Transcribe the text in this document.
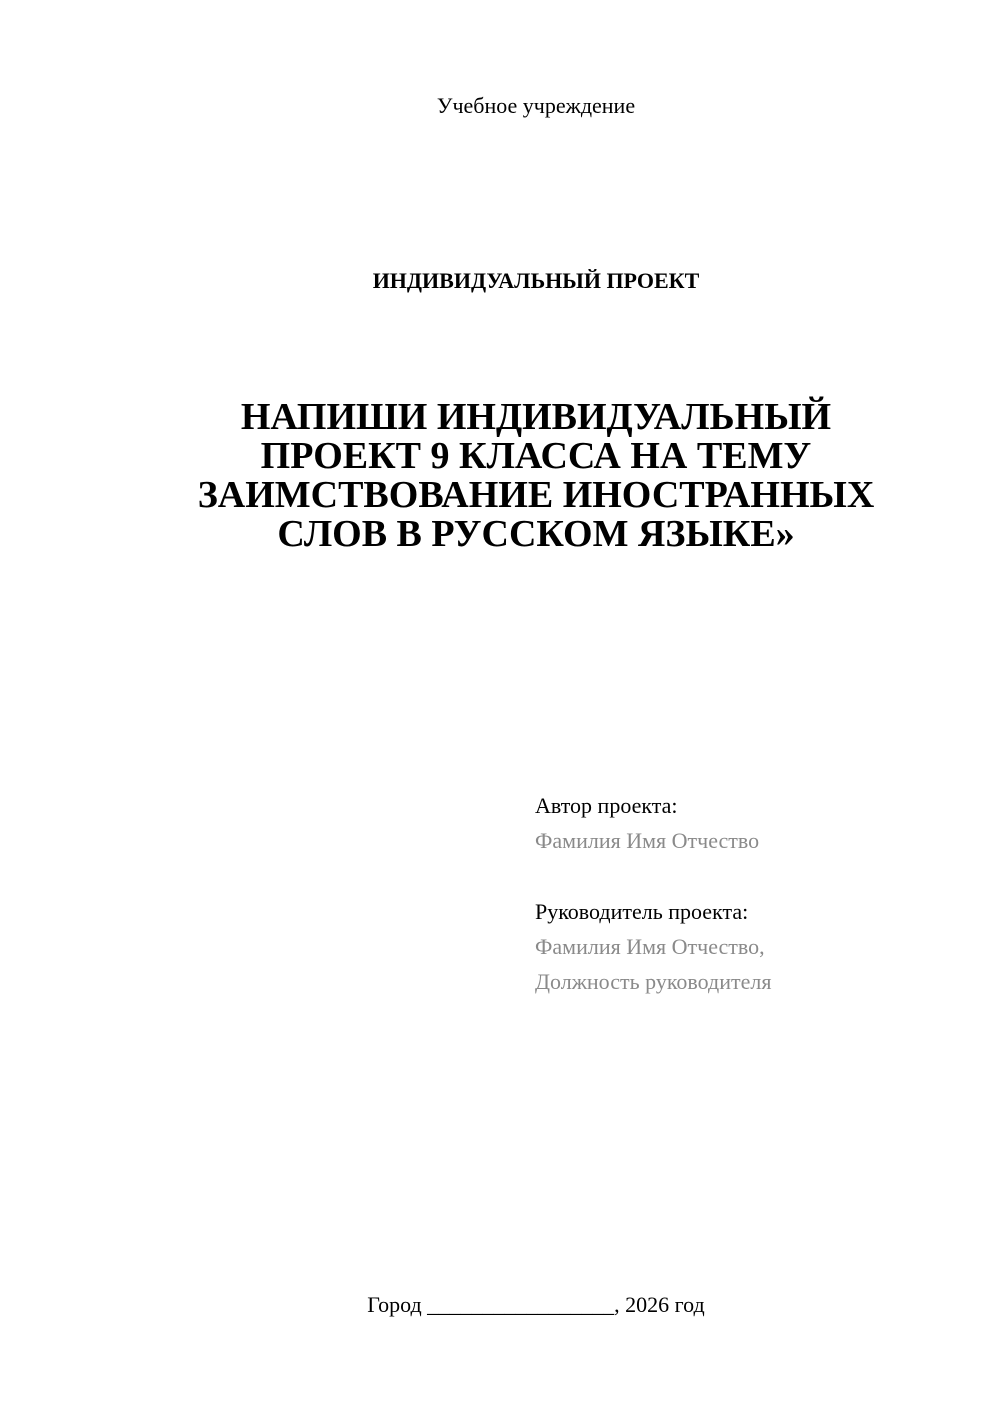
Учебное учреждение
ИНДИВИДУАЛЬНЫЙ ПРОЕКТ
НАПИШИ ИНДИВИДУАЛЬНЫЙ
ПРОЕКТ 9 КЛАССА НА ТЕМУ
ЗАИМСТВОВАНИЕ ИНОСТРАННЫХ
СЛОВ В РУССКОМ ЯЗЫКЕ»
Автор проекта:
Фамилия Имя Отчество
Руководитель проекта:
Фамилия Имя Отчество,
Должность руководителя
Город _________________, 2026 год
